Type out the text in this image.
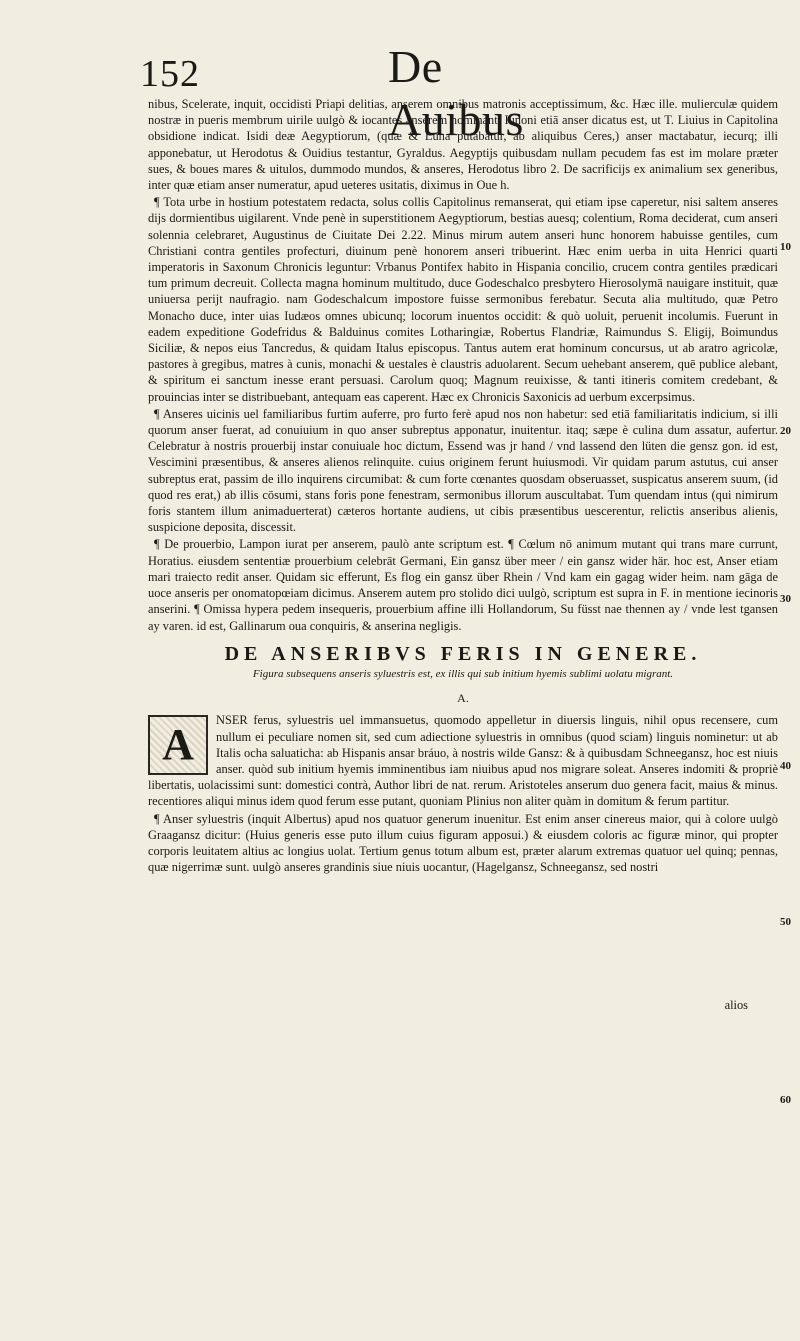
152	De Auibus
10
20
30
40
50
60

nibus, Scelerate, inquit, occidisti Priapi delitias, anserem omnibus matronis acceptissimum, &c. Hæc ille. mulierculæ quidem nostræ in pueris membrum uirile uulgò & iocantes anserem nominant. Iunoni etiā anser dicatus est, ut T. Liuius in Capitolina obsidione indicat. Isidi deæ Aegyptiorum, (quæ & Luna putabatur, ab aliquibus Ceres,) anser mactabatur, iecurq; illi apponebatur, ut Herodotus & Ouidius testantur, Gyraldus. Aegyptijs quibusdam nullam pecudem fas est im molare præter sues, & boues mares & uitulos, dummodo mundos, & anseres, Herodotus libro 2. De sacrificijs ex animalium sex generibus, inter quæ etiam anser numeratur, apud ueteres usitatis, diximus in Oue h.

¶ Tota urbe in hostium potestatem redacta, solus collis Capitolinus remanserat, qui etiam ipse caperetur, nisi saltem anseres dijs dormientibus uigilarent. Vnde penè in superstitionem Aegyptiorum, bestias auesq; colentium, Roma deciderat, cum anseri solennia celebraret, Augustinus de Ciuitate Dei 2.22. Minus mirum autem anseri hunc honorem habuisse gentiles, cum Christiani contra gentiles profecturi, diuinum penè honorem anseri tribuerint. Hæc enim uerba in uita Henrici quarti imperatoris in Saxonum Chronicis leguntur: Vrbanus Pontifex habito in Hispania concilio, crucem contra gentiles prædicari tum primum decreuit. Collecta magna hominum multitudo, duce Godeschalco presbytero Hierosolymā nauigare instituit, quæ uniuersa perijt naufragio. nam Godeschalcum impostore fuisse sermonibus ferebatur. Secuta alia multitudo, quæ Petro Monacho duce, inter uias Iudæos omnes ubicunq; locorum inuentos occidit: & quò uoluit, peruenit incolumis. Fuerunt in eadem expeditione Godefridus & Balduinus comites Lotharingiæ, Robertus Flandriæ, Raimundus S. Eligij, Boimundus Siciliæ, & nepos eius Tancredus, & quidam Italus episcopus. Tantus autem erat hominum concursus, ut ab aratro agricolæ, pastores à gregibus, matres à cunis, monachi & uestales è claustris aduolarent. Secum uehebant anserem, quē publice alebant, & spiritum ei sanctum inesse erant persuasi. Carolum quoq; Magnum reuixisse, & tanti itineris comitem credebant, & prouincias inter se distribuebant, antequam eas caperent. Hæc ex Chronicis Saxonicis ad uerbum excerpsimus.

¶ Anseres uicinis uel familiaribus furtim auferre, pro furto ferè apud nos non habetur: sed etiā familiaritatis indicium, si illi quorum anser fuerat, ad conuiuium in quo anser subreptus apponatur, inuitentur. itaq; sæpe è culina dum assatur, aufertur. Celebratur à nostris prouerbij instar conuiuale hoc dictum, Essend was jr hand / vnd lassend den lüten die gensz gon. id est, Vescimini præsentibus, & anseres alienos relinquite. cuius originem ferunt huiusmodi. Vir quidam parum astutus, cui anser subreptus erat, passim de illo inquirens circumibat: & cum forte cœnantes quosdam obseruasset, suspicatus anserem suum, (id quod res erat,) ab illis cōsumi, stans foris pone fenestram, sermonibus illorum auscultabat. Tum quendam intus (qui nimirum foris stantem illum animaduerterat) cæteros hortante audiens, ut cibis præsentibus uescerentur, relictis anseribus alienis, suspicione deposita, discessit.

¶ De prouerbio, Lampon iurat per anserem, paulò ante scriptum est. ¶ Cœlum nō animum mutant qui trans mare currunt, Horatius. eiusdem sententiæ prouerbium celebrāt Germani, Ein gansz über meer / ein gansz wider här. hoc est, Anser etiam mari traiecto redit anser. Quidam sic efferunt, Es flog ein gansz über Rhein / Vnd kam ein gagag wider heim. nam gāga de uoce anseris per onomatopœiam dicimus. Anserem autem pro stolido dici uulgò, scriptum est supra in F. in mentione iecinoris anserini. ¶ Omissa hypera pedem insequeris, prouerbium affine illi Hollandorum, Su füsst nae thennen ay / vnde lest tgansen ay varen. id est, Gallinarum oua conquiris, & anserina negligis.

DE ANSERIBVS FERIS IN GENERE.
Figura subsequens anseris syluestris est, ex illis qui sub initium hyemis sublimi uolatu migrant.
A.
A	NSER ferus, syluestris uel immansuetus, quomodo appelletur in diuersis linguis, nihil opus recensere, cum nullum ei peculiare nomen sit, sed cum adiectione syluestris in omnibus (quod sciam) linguis nominetur: ut ab Italis ocha saluaticha: ab Hispanis ansar bráuo, à nostris wilde Gansz: & à quibusdam Schneegansz, hoc est niuis anser. quòd sub initium hyemis imminentibus iam niuibus apud nos migrare soleat. Anseres indomiti & propriè libertatis, uolacissimi sunt: domestici contrà, Author libri de nat. rerum. Aristoteles anserum duo genera facit, maius & minus. recentiores aliqui minus idem quod ferum esse putant, quoniam Plinius non aliter quàm in domitum & ferum partitur.

¶ Anser syluestris (inquit Albertus) apud nos quatuor generum inuenitur. Est enim anser cinereus maior, qui à colore uulgò Graagansz dicitur: (Huius generis esse puto illum cuius figuram apposui.) & eiusdem coloris ac figuræ minor, qui propter corporis leuitatem altius ac longius uolat. Tertium genus totum album est, præter alarum extremas quatuor uel quinq; pennas, quæ nigerrimæ sunt. uulgò anseres grandinis siue niuis uocantur, (Hagelgansz, Schneegansz, sed nostri

alios
